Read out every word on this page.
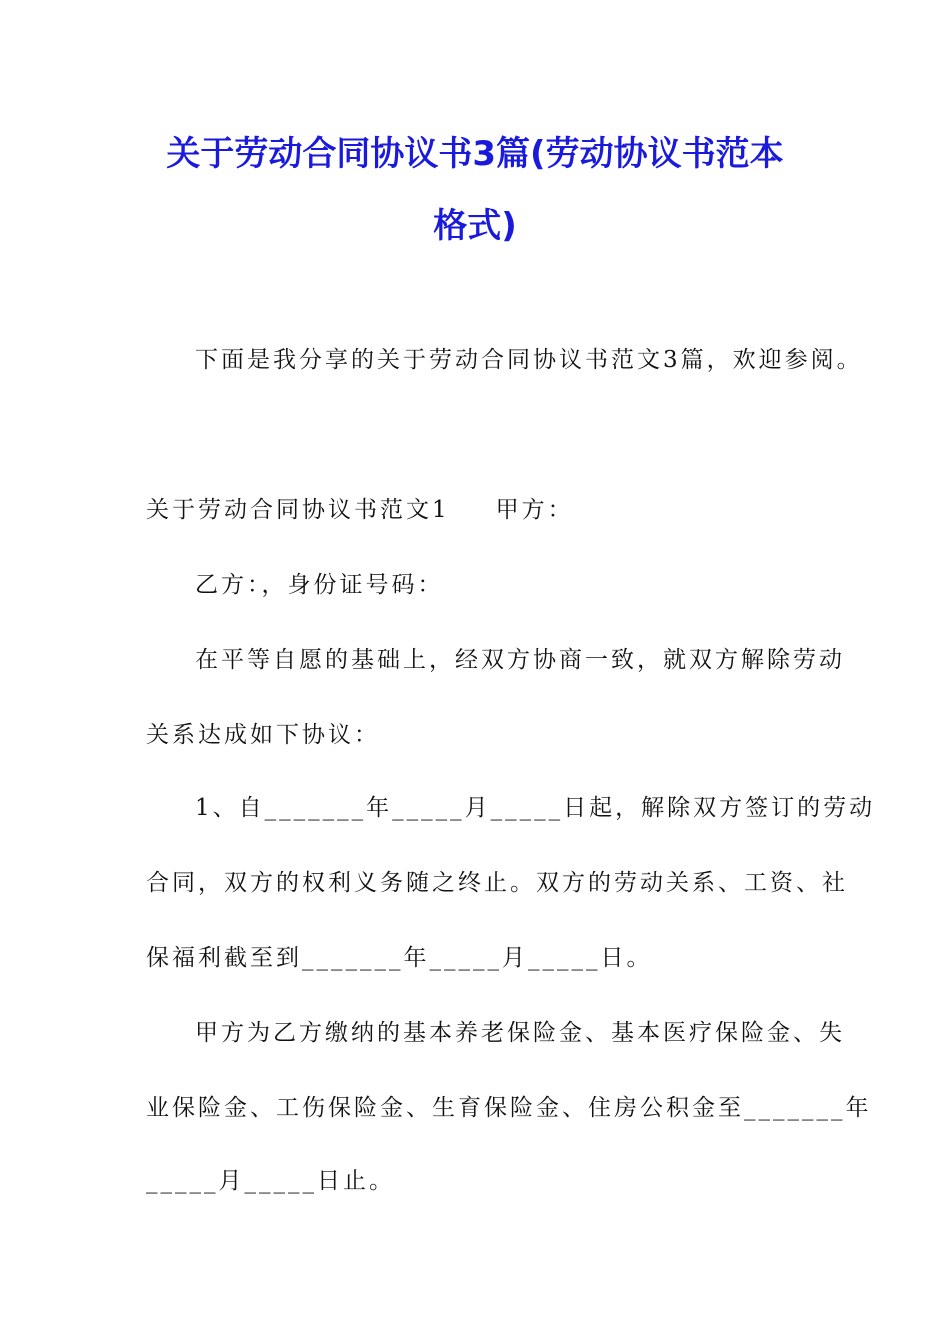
关于劳动合同协议书3篇(劳动协议书范本
格式)
下面是我分享的关于劳动合同协议书范文3篇，欢迎参阅。
关于劳动合同协议书范文1 甲方：
乙方：，身份证号码：
在平等自愿的基础上，经双方协商一致，就双方解除劳动
关系达成如下协议：
1、自_______年_____月_____日起，解除双方签订的劳动
合同，双方的权利义务随之终止。双方的劳动关系、工资、社
保福利截至到_______年_____月_____日。
甲方为乙方缴纳的基本养老保险金、基本医疗保险金、失
业保险金、工伤保险金、生育保险金、住房公积金至_______年
_____月_____日止。
